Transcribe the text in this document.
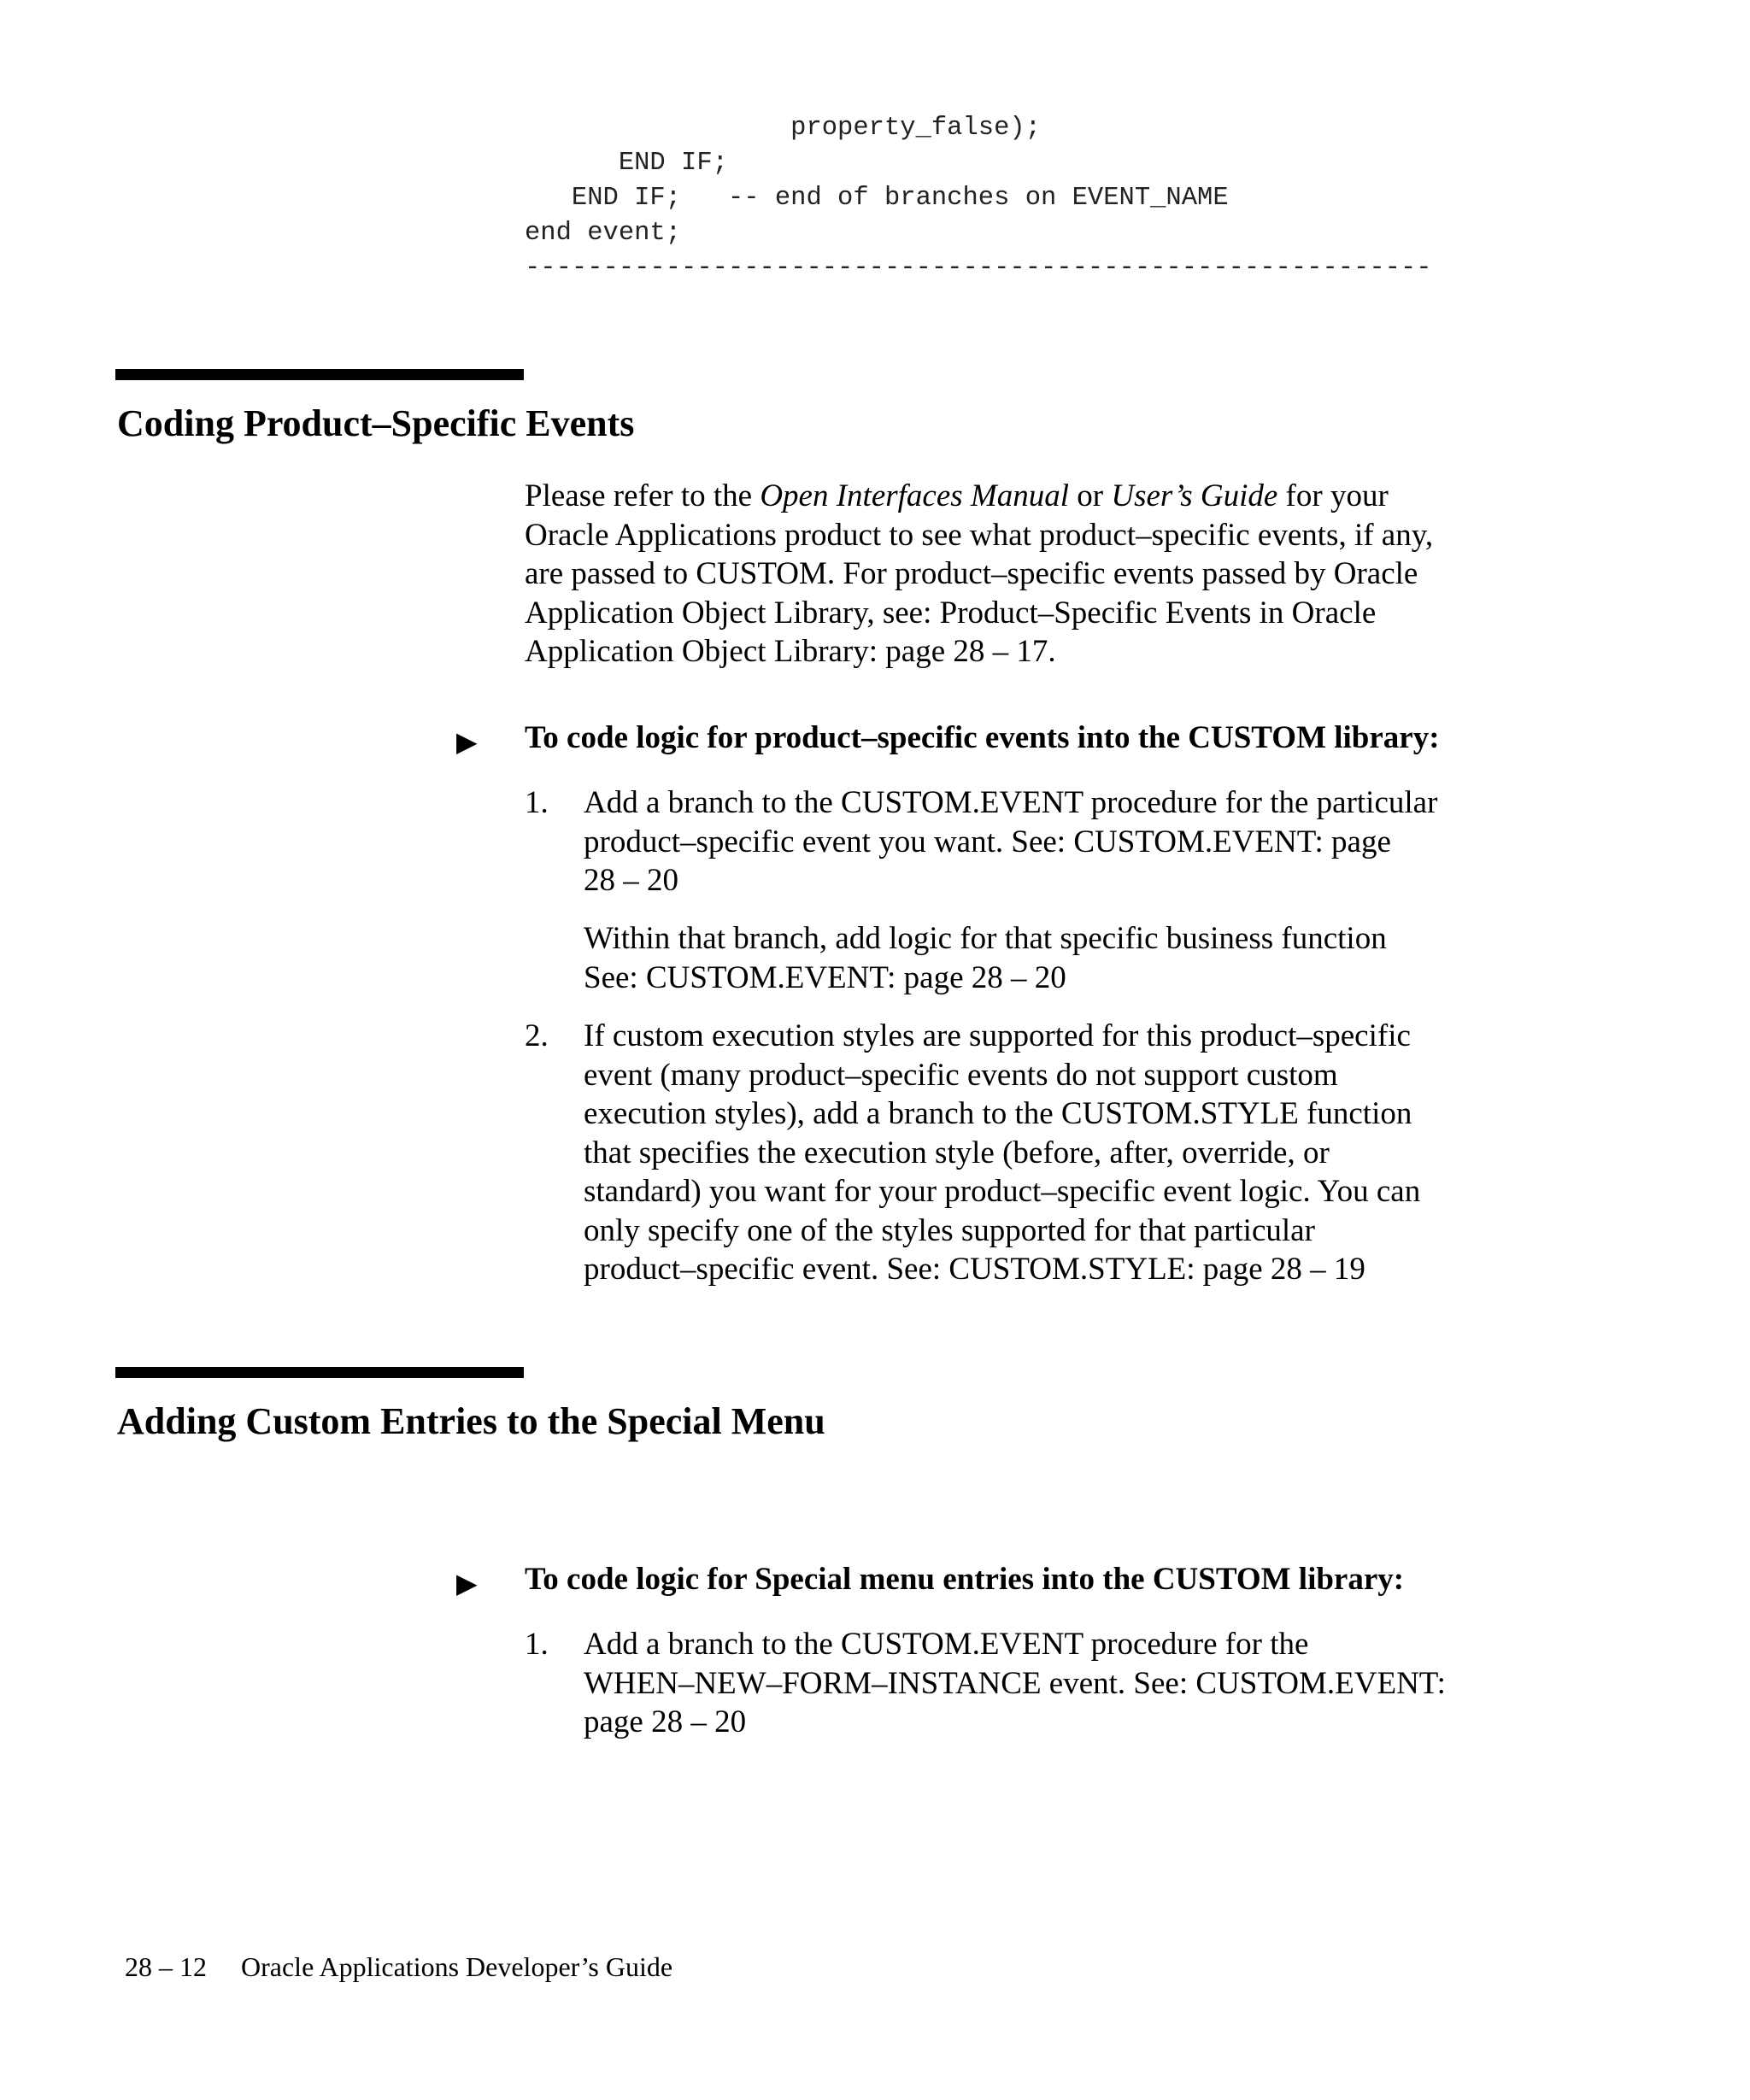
property_false);
END IF;
END IF;   -- end of branches on EVENT_NAME
end event;
----------------------------------------------------------
Coding Product–Specific Events
Please refer to the Open Interfaces Manual or User’s Guide for your
Oracle Applications product to see what product–specific events, if any,
are passed to CUSTOM. For product–specific events passed by Oracle
Application Object Library, see: Product–Specific Events in Oracle
Application Object Library: page 28 – 17.
▶ To code logic for product–specific events into the CUSTOM library:
1. Add a branch to the CUSTOM.EVENT procedure for the particular
product–specific event you want. See: CUSTOM.EVENT: page
28 – 20
Within that branch, add logic for that specific business function
See: CUSTOM.EVENT: page 28 – 20
2. If custom execution styles are supported for this product–specific
event (many product–specific events do not support custom
execution styles), add a branch to the CUSTOM.STYLE function
that specifies the execution style (before, after, override, or
standard) you want for your product–specific event logic. You can
only specify one of the styles supported for that particular
product–specific event. See: CUSTOM.STYLE: page 28 – 19
Adding Custom Entries to the Special Menu
▶ To code logic for Special menu entries into the CUSTOM library:
1. Add a branch to the CUSTOM.EVENT procedure for the
WHEN–NEW–FORM–INSTANCE event. See: CUSTOM.EVENT:
page 28 – 20
28 – 12 Oracle Applications Developer’s Guide
